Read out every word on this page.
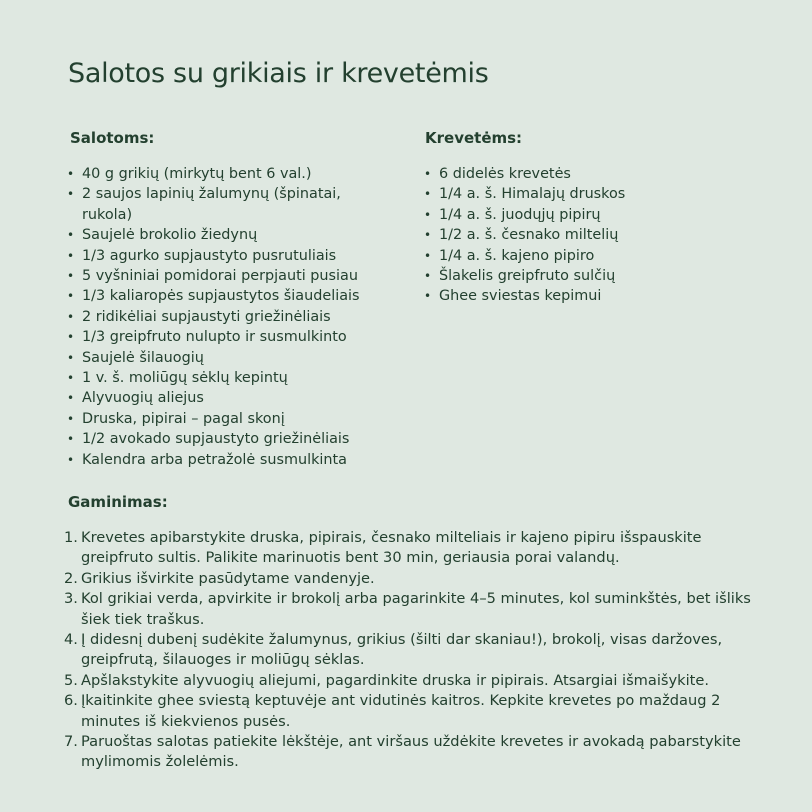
Salotos su grikiais ir krevetėmis
Salotoms:
• 40 g grikių (mirkytų bent 6 val.)
• 2 saujos lapinių žalumynų (špinatai, rukola)
• Saujelė brokolio žiedynų
• 1/3 agurko supjaustyto pusrutuliais
• 5 vyšniniai pomidorai perpjauti pusiau
• 1/3 kaliaropės supjaustytos šiaudeliais
• 2 ridikėliai supjaustyti griežinėliais
• 1/3 greipfruto nulupto ir susmulkinto
• Saujelė šilauogių
• 1 v. š. moliūgų sėklų kepintų
• Alyvuogių aliejus
• Druska, pipirai – pagal skonį
• 1/2 avokado supjaustyto griežinėliais
• Kalendra arba petražolė susmulkinta
Krevetėms:
• 6 didelės krevetės
• 1/4 a. š. Himalajų druskos
• 1/4 a. š. juodųjų pipirų
• 1/2 a. š. česnako miltelių
• 1/4 a. š. kajeno pipiro
• Šlakelis greipfruto sulčių
• Ghee sviestas kepimui
Gaminimas:
1. Krevetes apibarstykite druska, pipirais, česnako milteliais ir kajeno pipiru išspauskite greipfruto sultis. Palikite marinuotis bent 30 min, geriausia porai valandų.
2. Grikius išvirkite pasūdytame vandenyje.
3. Kol grikiai verda, apvirkite ir brokolį arba pagarinkite 4–5 minutes, kol suminkštės, bet išliks šiek tiek traškus.
4. Į didesnį dubenį sudėkite žalumynus, grikius (šilti dar skaniau!), brokolį, visas daržoves, greipfrutą, šilauoges ir moliūgų sėklas.
5. Apšlakstykite alyvuogių aliejumi, pagardinkite druska ir pipirais. Atsargiai išmaišykite.
6. Įkaitinkite ghee sviestą keptuvėje ant vidutinės kaitros. Kepkite krevetes po maždaug 2 minutes iš kiekvienos pusės.
7. Paruoštas salotas patiekite lėkštėje, ant viršaus uždėkite krevetes ir avokadą pabarstykite mylimomis žolelėmis.
